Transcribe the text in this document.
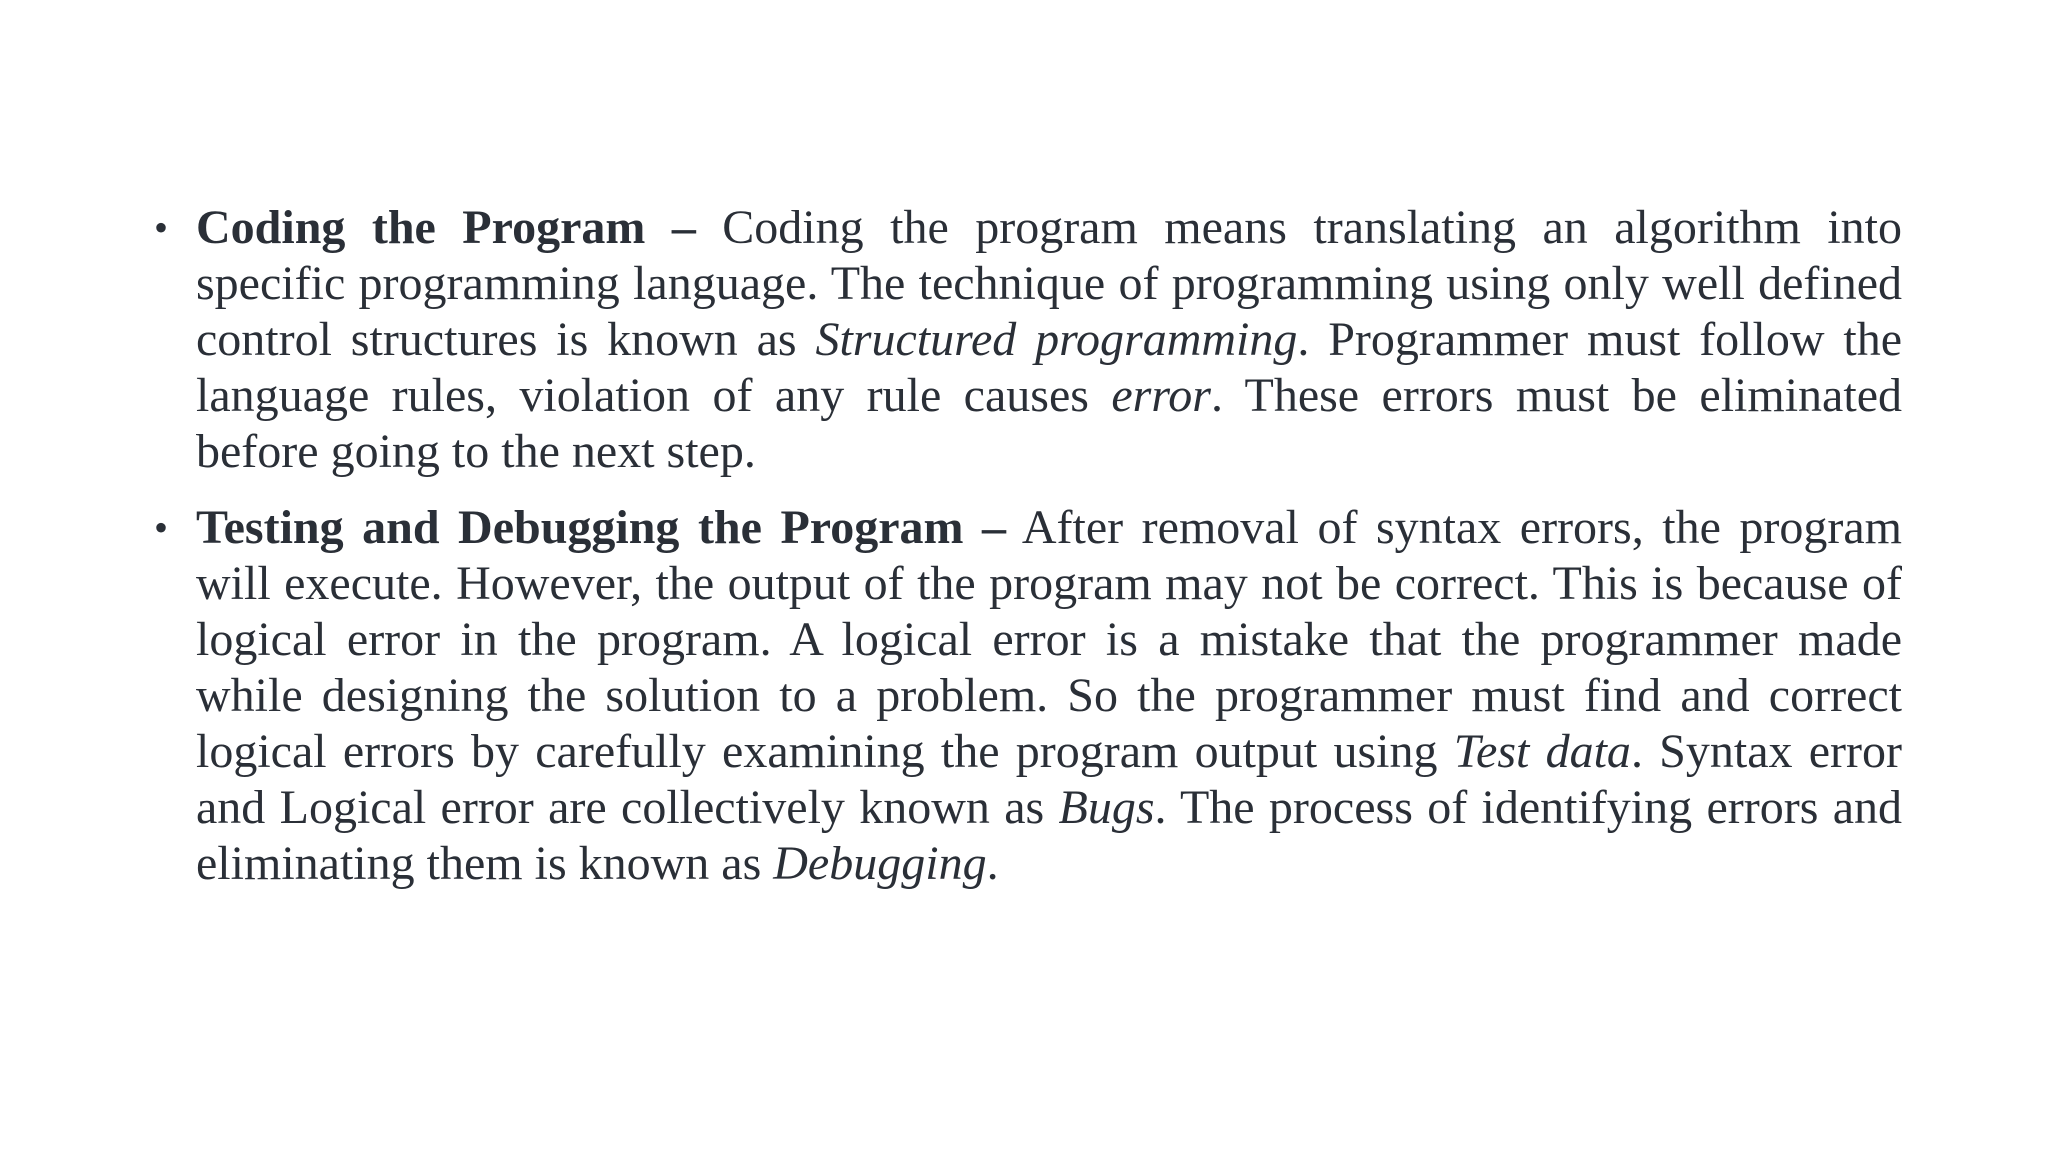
• Coding the Program – Coding the program means translating an algorithm into specific programming language. The technique of programming using only well defined control structures is known as Structured programming. Programmer must follow the language rules, violation of any rule causes error. These errors must be eliminated before going to the next step.
• Testing and Debugging the Program – After removal of syntax errors, the program will execute. However, the output of the program may not be correct. This is because of logical error in the program. A logical error is a mistake that the programmer made while designing the solution to a problem. So the programmer must find and correct logical errors by carefully examining the program output using Test data. Syntax error and Logical error are collectively known as Bugs. The process of identifying errors and eliminating them is known as Debugging.
